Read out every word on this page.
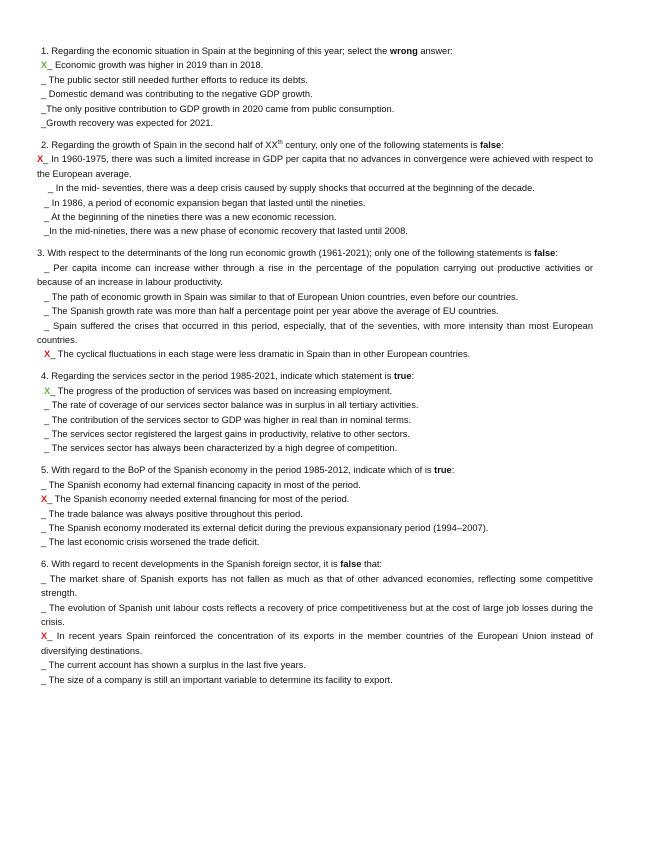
1. Regarding the economic situation in Spain at the beginning of this year; select the wrong answer:
X_ Economic growth was higher in 2019 than in 2018.
_ The public sector still needed further efforts to reduce its debts.
_ Domestic demand was contributing to the negative GDP growth.
_The only positive contribution to GDP growth in 2020 came from public consumption.
_Growth recovery was expected for 2021.
2. Regarding the growth of Spain in the second half of XXth century, only one of the following statements is false:
X_ In 1960-1975, there was such a limited increase in GDP per capita that no advances in convergence were achieved with respect to the European average.
_ In the mid- seventies, there was a deep crisis caused by supply shocks that occurred at the beginning of the decade.
_ In 1986, a period of economic expansion began that lasted until the nineties.
_ At the beginning of the nineties there was a new economic recession.
_In the mid-nineties, there was a new phase of economic recovery that lasted until 2008.
3. With respect to the determinants of the long run economic growth (1961-2021); only one of the following statements is false:
_ Per capita income can increase wither through a rise in the percentage of the population carrying out productive activities or because of an increase in labour productivity.
_ The path of economic growth in Spain was similar to that of European Union countries, even before our countries.
_ The Spanish growth rate was more than half a percentage point per year above the average of EU countries.
_ Spain suffered the crises that occurred in this period, especially, that of the seventies, with more intensity than most European countries.
X_ The cyclical fluctuations in each stage were less dramatic in Spain than in other European countries.
4. Regarding the services sector in the period 1985-2021, indicate which statement is true:
X_ The progress of the production of services was based on increasing employment.
_ The rate of coverage of our services sector balance was in surplus in all tertiary activities.
_ The contribution of the services sector to GDP was higher in real than in nominal terms.
_ The services sector registered the largest gains in productivity, relative to other sectors.
_ The services sector has always been characterized by a high degree of competition.
5. With regard to the BoP of the Spanish economy in the period 1985-2012, indicate which of is true:
_ The Spanish economy had external financing capacity in most of the period.
X_ The Spanish economy needed external financing for most of the period.
_ The trade balance was always positive throughout this period.
_ The Spanish economy moderated its external deficit during the previous expansionary period (1994–2007).
_ The last economic crisis worsened the trade deficit.
6. With regard to recent developments in the Spanish foreign sector, it is false that:
_ The market share of Spanish exports has not fallen as much as that of other advanced economies, reflecting some competitive strength.
_ The evolution of Spanish unit labour costs reflects a recovery of price competitiveness but at the cost of large job losses during the crisis.
X_ In recent years Spain reinforced the concentration of its exports in the member countries of the European Union instead of diversifying destinations.
_ The current account has shown a surplus in the last five years.
_ The size of a company is still an important variable to determine its facility to export.
